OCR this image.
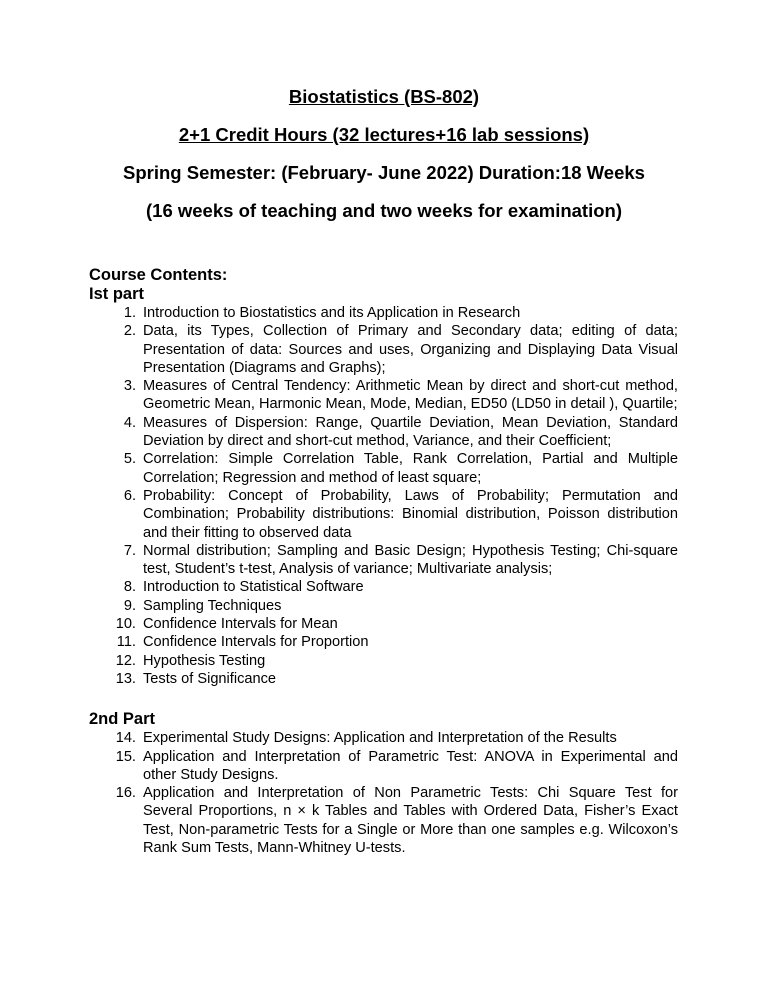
Biostatistics (BS-802)
2+1 Credit Hours (32 lectures+16 lab sessions)
Spring Semester: (February- June 2022) Duration:18 Weeks
(16 weeks of teaching and two weeks for examination)
Course Contents:
Ist part
1. Introduction to Biostatistics and its Application in Research
2. Data, its Types, Collection of Primary and Secondary data; editing of data; Presentation of data: Sources and uses, Organizing and Displaying Data Visual Presentation (Diagrams and Graphs);
3. Measures of Central Tendency: Arithmetic Mean by direct and short-cut method, Geometric Mean, Harmonic Mean, Mode, Median, ED50 (LD50 in detail ), Quartile;
4. Measures of Dispersion: Range, Quartile Deviation, Mean Deviation, Standard Deviation by direct and short-cut method, Variance, and their Coefficient;
5. Correlation: Simple Correlation Table, Rank Correlation, Partial and Multiple Correlation; Regression and method of least square;
6. Probability: Concept of Probability, Laws of Probability; Permutation and Combination; Probability distributions: Binomial distribution, Poisson distribution and their fitting to observed data
7. Normal distribution; Sampling and Basic Design; Hypothesis Testing; Chi-square test, Student’s t-test, Analysis of variance; Multivariate analysis;
8. Introduction to Statistical Software
9. Sampling Techniques
10. Confidence Intervals for Mean
11. Confidence Intervals for Proportion
12. Hypothesis Testing
13. Tests of Significance
2nd Part
14. Experimental Study Designs: Application and Interpretation of the Results
15. Application and Interpretation of Parametric Test: ANOVA in Experimental and other Study Designs.
16. Application and Interpretation of Non Parametric Tests: Chi Square Test for Several Proportions, n × k Tables and Tables with Ordered Data, Fisher’s Exact Test, Non-parametric Tests for a Single or More than one samples e.g. Wilcoxon’s Rank Sum Tests, Mann-Whitney U-tests.
